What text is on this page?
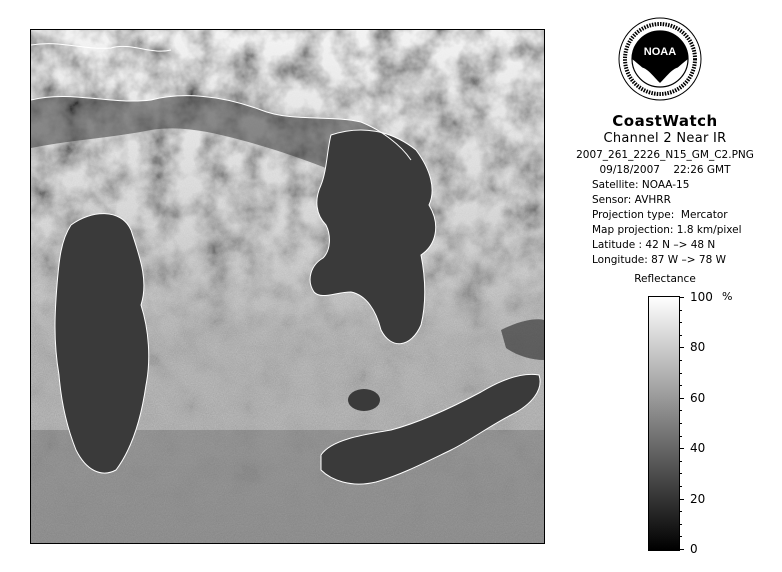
NOAA
CoastWatch
Channel 2 Near IR
2007_261_2226_N15_GM_C2.PNG
09/18/2007    22:26 GMT
Satellite: NOAA-15
Sensor: AVHRR
Projection type:  Mercator
Map projection: 1.8 km/pixel
Latitude : 42 N –> 48 N
Longitude: 87 W –> 78 W
Reflectance
%
100
80
60
40
20
0
